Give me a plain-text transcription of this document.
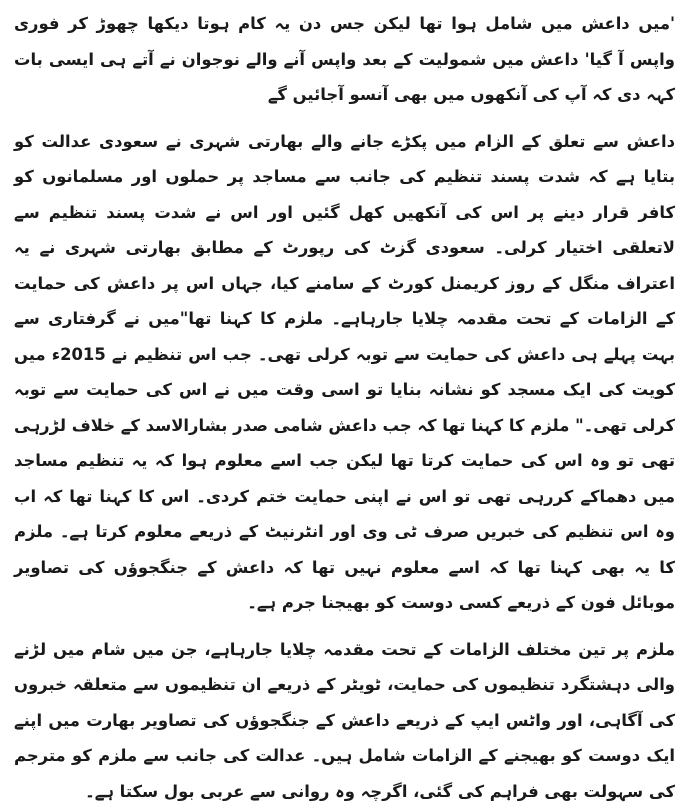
'میں داعش میں شامل ہوا تھا لیکن جس دن یہ کام ہوتا دیکھا چھوڑ کر فوری واپس آ گیا' داعش میں شمولیت کے بعد واپس آنے والے نوجوان نے آتے ہی ایسی بات کہہ دی کہ آپ کی آنکھوں میں بھی آنسو آجائیں گے

داعش سے تعلق کے الزام میں پکڑے جانے والے بھارتی شہری نے سعودی عدالت کو بتایا ہے کہ شدت پسند تنظیم کی جانب سے مساجد پر حملوں اور مسلمانوں کو کافر قرار دینے پر اس کی آنکھیں کھل گئیں اور اس نے شدت پسند تنظیم سے لاتعلقی اختیار کرلی۔ سعودی گزٹ کی رپورٹ کے مطابق بھارتی شہری نے یہ اعتراف منگل کے روز کریمنل کورٹ کے سامنے کیا، جہاں اس پر داعش کی حمایت کے الزامات کے تحت مقدمہ چلایا جارہاہے۔ ملزم کا کہنا تھا"میں نے گرفتاری سے بہت پہلے ہی داعش کی حمایت سے توبہ کرلی تھی۔ جب اس تنظیم نے 2015ء میں کویت کی ایک مسجد کو نشانہ بنایا تو اسی وقت میں نے اس کی حمایت سے توبہ کرلی تھی۔" ملزم کا کہنا تھا کہ جب داعش شامی صدر بشارالاسد کے خلاف لڑرہی تھی تو وہ اس کی حمایت کرتا تھا لیکن جب اسے معلوم ہوا کہ یہ تنظیم مساجد میں دھماکے کررہی تھی تو اس نے اپنی حمایت ختم کردی۔ اس کا کہنا تھا کہ اب وہ اس تنظیم کی خبریں صرف ٹی وی اور انٹرنیٹ کے ذریعے معلوم کرتا ہے۔ ملزم کا یہ بھی کہنا تھا کہ اسے معلوم نہیں تھا کہ داعش کے جنگجوؤں کی تصاویر موبائل فون کے ذریعے کسی دوست کو بھیجنا جرم ہے۔

ملزم پر تین مختلف الزامات کے تحت مقدمہ چلایا جارہاہے، جن میں شام میں لڑنے والی دہشتگرد تنظیموں کی حمایت، ٹویٹر کے ذریعے ان تنظیموں سے متعلقہ خبروں کی آگاہی، اور واٹس ایپ کے ذریعے داعش کے جنگجوؤں کی تصاویر بھارت میں اپنے ایک دوست کو بھیجنے کے الزامات شامل ہیں۔ عدالت کی جانب سے ملزم کو مترجم کی سہولت بھی فراہم کی گئی، اگرچہ وہ روانی سے عربی بول سکتا ہے۔
